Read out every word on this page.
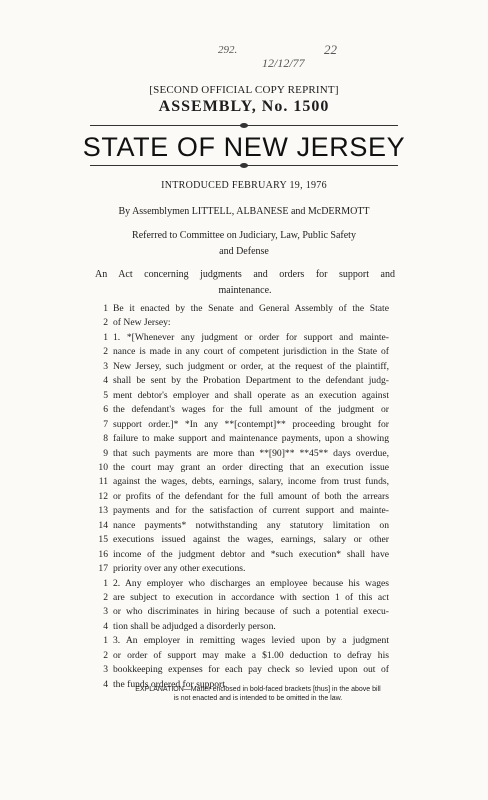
292.	22
12/12/77
[SECOND OFFICIAL COPY REPRINT]
ASSEMBLY, No. 1500
STATE OF NEW JERSEY
INTRODUCED FEBRUARY 19, 1976
By Assemblymen LITTELL, ALBANESE and McDERMOTT
Referred to Committee on Judiciary, Law, Public Safety
and Defense
An Act concerning judgments and orders for support and
maintenance.
1 Be it enacted by the Senate and General Assembly of the State
2 of New Jersey:
1 1. *[Whenever any judgment or order for support and mainte-
2 nance is made in any court of competent jurisdiction in the State of
3 New Jersey, such judgment or order, at the request of the plaintiff,
4 shall be sent by the Probation Department to the defendant judg-
5 ment debtor's employer and shall operate as an execution against
6 the defendant's wages for the full amount of the judgment or
7 support order.]* *In any **[contempt]** proceeding brought for
8 failure to make support and maintenance payments, upon a showing
9 that such payments are more than **[90]** **45** days overdue,
10 the court may grant an order directing that an execution issue
11 against the wages, debts, earnings, salary, income from trust funds,
12 or profits of the defendant for the full amount of both the arrears
13 payments and for the satisfaction of current support and mainte-
14 nance payments* notwithstanding any statutory limitation on
15 executions issued against the wages, earnings, salary or other
16 income of the judgment debtor and *such execution* shall have
17 priority over any other executions.
1 2. Any employer who discharges an employee because his wages
2 are subject to execution in accordance with section 1 of this act
3 or who discriminates in hiring because of such a potential execu-
4 tion shall be adjudged a disorderly person.
1 3. An employer in remitting wages levied upon by a judgment
2 or order of support may make a $1.00 deduction to defray his
3 bookkeeping expenses for each pay check so levied upon out of
4 the funds ordered for support.
EXPLANATION—Matter enclosed in bold-faced brackets [thus] in the above bill
is not enacted and is intended to be omitted in the law.
